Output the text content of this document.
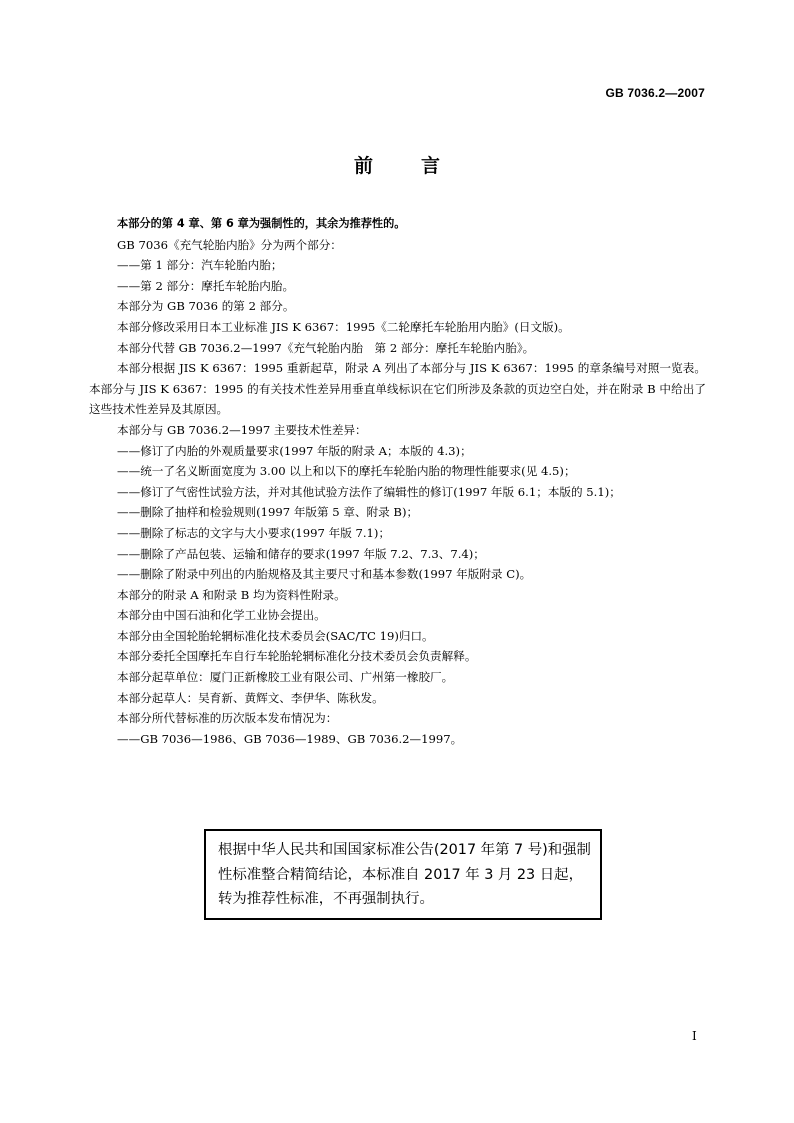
GB 7036.2—2007
前	言

本部分的第 4 章、第 6 章为强制性的，其余为推荐性的。

GB 7036《充气轮胎内胎》分为两个部分：

——第 1 部分：汽车轮胎内胎；

——第 2 部分：摩托车轮胎内胎。

本部分为 GB 7036 的第 2 部分。

本部分修改采用日本工业标准 JIS K 6367：1995《二轮摩托车轮胎用内胎》(日文版)。

本部分代替 GB 7036.2—1997《充气轮胎内胎　第 2 部分：摩托车轮胎内胎》。

本部分根据 JIS K 6367：1995 重新起草，附录 A 列出了本部分与 JIS K 6367：1995 的章条编号对照一览表。本部分与 JIS K 6367：1995 的有关技术性差异用垂直单线标识在它们所涉及条款的页边空白处，并在附录 B 中给出了这些技术性差异及其原因。

本部分与 GB 7036.2—1997 主要技术性差异：

——修订了内胎的外观质量要求(1997 年版的附录 A；本版的 4.3)；

——统一了名义断面宽度为 3.00 以上和以下的摩托车轮胎内胎的物理性能要求(见 4.5)；

——修订了气密性试验方法，并对其他试验方法作了编辑性的修订(1997 年版 6.1；本版的 5.1)；

——删除了抽样和检验规则(1997 年版第 5 章、附录 B)；

——删除了标志的文字与大小要求(1997 年版 7.1)；

——删除了产品包装、运输和储存的要求(1997 年版 7.2、7.3、7.4)；

——删除了附录中列出的内胎规格及其主要尺寸和基本参数(1997 年版附录 C)。

本部分的附录 A 和附录 B 均为资料性附录。

本部分由中国石油和化学工业协会提出。

本部分由全国轮胎轮辋标准化技术委员会(SAC/TC 19)归口。

本部分委托全国摩托车自行车轮胎轮辋标准化分技术委员会负责解释。

本部分起草单位：厦门正新橡胶工业有限公司、广州第一橡胶厂。

本部分起草人：吴育新、黄辉文、李伊华、陈秋发。

本部分所代替标准的历次版本发布情况为：

——GB 7036—1986、GB 7036—1989、GB 7036.2—1997。

根据中华人民共和国国家标准公告(2017 年第 7 号)和强制性标准整合精简结论，本标准自 2017 年 3 月 23 日起，转为推荐性标准，不再强制执行。
I
